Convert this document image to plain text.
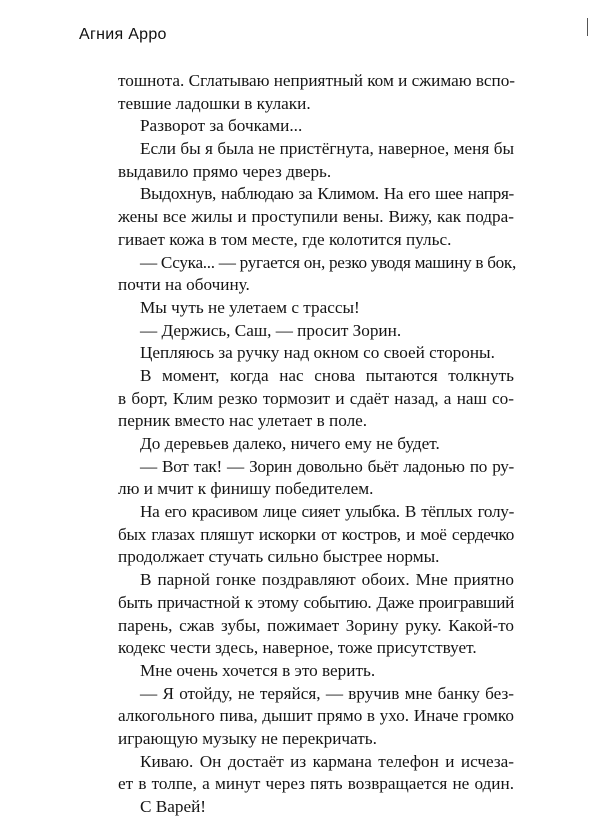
Агния Арро
тошнота. Сглатываю неприятный ком и сжимаю вспо-
тевшие ладошки в кулаки.
Разворот за бочками...
Если бы я была не пристёгнута, наверное, меня бы
выдавило прямо через дверь.
Выдохнув, наблюдаю за Климом. На его шее напря-
жены все жилы и проступили вены. Вижу, как подра-
гивает кожа в том месте, где колотится пульс.
— Ссука... — ругается он, резко уводя машину в бок,
почти на обочину.
Мы чуть не улетаем с трассы!
— Держись, Саш, — просит Зорин.
Цепляюсь за ручку над окном со своей стороны.
В момент, когда нас снова пытаются толкнуть
в борт, Клим резко тормозит и сдаёт назад, а наш со-
перник вместо нас улетает в поле.
До деревьев далеко, ничего ему не будет.
— Вот так! — Зорин довольно бьёт ладонью по ру-
лю и мчит к финишу победителем.
На его красивом лице сияет улыбка. В тёплых голу-
бых глазах пляшут искорки от костров, и моё сердечко
продолжает стучать сильно быстрее нормы.
В парной гонке поздравляют обоих. Мне приятно
быть причастной к этому событию. Даже проигравший
парень, сжав зубы, пожимает Зорину руку. Какой-то
кодекс чести здесь, наверное, тоже присутствует.
Мне очень хочется в это верить.
— Я отойду, не теряйся, — вручив мне банку без-
алкогольного пива, дышит прямо в ухо. Иначе громко
играющую музыку не перекричать.
Киваю. Он достаёт из кармана телефон и исчеза-
ет в толпе, а минут через пять возвращается не один.
С Варей!
